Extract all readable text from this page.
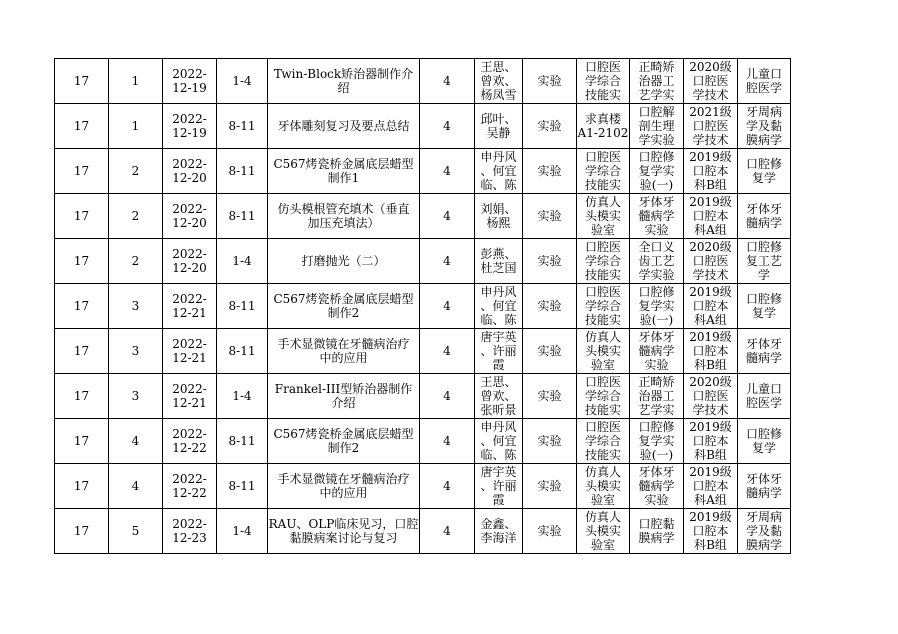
17	1	2022-
12-19	1-4	Twin-Block矫治器制作介
绍	4	王思、
曾欢、
杨凤雪	实验	口腔医
学综合
技能实	正畸矫
治器工
艺学实	2020级
口腔医
学技术	儿童口
腔医学

17	1	2022-
12-19	8-11	牙体雕刻复习及要点总结	4	邱叶、
吴静	实验	求真楼
A1-2102	口腔解
剖生理
学实验	2021级
口腔医
学技术	牙周病
学及黏
膜病学

17	2	2022-
12-20	8-11	C567烤瓷桥金属底层蜡型
制作1	4	申丹风
、何宜
临、陈	实验	口腔医
学综合
技能实	口腔修
复学实
验(一)	2019级
口腔本
科B组	口腔修
复学

17	2	2022-
12-20	8-11	仿头模根管充填术（垂直
加压充填法）	4	刘娟、
杨熙	实验	仿真人
头模实
验室	牙体牙
髓病学
实验	2019级
口腔本
科A组	牙体牙
髓病学

17	2	2022-
12-20	1-4	打磨抛光（二）	4	彭燕、
杜芝国	实验	口腔医
学综合
技能实	全口义
齿工艺
学实验	2020级
口腔医
学技术	口腔修
复工艺
学

17	3	2022-
12-21	8-11	C567烤瓷桥金属底层蜡型
制作2	4	申丹风
、何宜
临、陈	实验	口腔医
学综合
技能实	口腔修
复学实
验(一)	2019级
口腔本
科A组	口腔修
复学

17	3	2022-
12-21	8-11	手术显微镜在牙髓病治疗
中的应用	4	唐宇英
、许丽
霞	实验	仿真人
头模实
验室	牙体牙
髓病学
实验	2019级
口腔本
科B组	牙体牙
髓病学

17	3	2022-
12-21	1-4	Frankel-III型矫治器制作
介绍	4	王思、
曾欢、
张昕景	实验	口腔医
学综合
技能实	正畸矫
治器工
艺学实	2020级
口腔医
学技术	儿童口
腔医学

17	4	2022-
12-22	8-11	C567烤瓷桥金属底层蜡型
制作2	4	申丹风
、何宜
临、陈	实验	口腔医
学综合
技能实	口腔修
复学实
验(一)	2019级
口腔本
科B组	口腔修
复学

17	4	2022-
12-22	8-11	手术显微镜在牙髓病治疗
中的应用	4	唐宇英
、许丽
霞	实验	仿真人
头模实
验室	牙体牙
髓病学
实验	2019级
口腔本
科A组	牙体牙
髓病学

17	5	2022-
12-23	1-4	RAU、OLP临床见习，口腔
黏膜病案讨论与复习	4	金鑫、
李海洋	实验	仿真人
头模实
验室	口腔黏
膜病学	2019级
口腔本
科B组	牙周病
学及黏
膜病学
